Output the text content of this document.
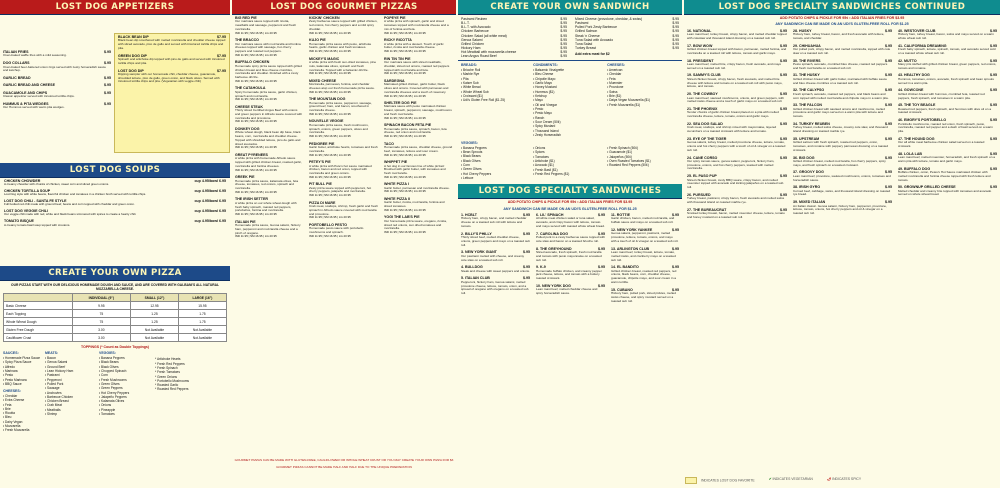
LOST DOG APPETIZERS
ITALIAN FRIES	$.95
Oven-baked waffle fries with a mild seasoning.
DOG COLLARS	$.95
Oven-baked beer-battered onion rings served with zesty horseradish sauce and ketchup.
GARLIC BREAD	$.95
GARLIC BREAD AND CHEESE	$.95
GUACAMOLE AND CHIPS	$.95
Classic appetizer served with tricolored tortilla chips.
HUMMUS & PITA WEDGES	$.95
Our Hummus served with warm pita wedges.
BLACK BEAN DIP	$7.95
Black bean dip smothered with melted mozzarella and cheddar cheese topped with sliced avocado, pico de gallo and served with tricolored tortilla chips and pita.
GREEN DOG DIP	$7.95
Spinach and artichoke dip topped with pico de gallo and served with tricolored tortilla chips and pita.
LOST DOG DIP	$7.95
Dipping sampler with our homemade chili, cheddar cheese, guacamole, shredded lettuce, pico de gallo, green onion, and black olives. Served with tricolored tortilla chips and pita. (Vegetarian with veggie chili)
LOST DOG SOUPS
CHICKEN CHOWDER	cup 4.95/bowl 6.95
A creamy chowder with chunks of chicken, sweet corn and sliced green onions.
CHICKEN TORTILLA SOUP	cup 4.95/bowl 6.95
Lost Dog style with white beans, flavorful chicken and tomatoes in a chicken broth served with tortilla chips.
LOST DOG CHILI - SANTA FE STYLE	cup 4.95/bowl 6.95
Full bodied red chili made with ground beef, beans and corn topped with cheddar and green onion.
LOST DOG VEGGIE CHILI	cup 4.95/bowl 6.95
Our veggie chili made with red, white and black beans simmered with spices to create a hearty chili.
TOMATO BISQUE	cup 4.95/bowl 6.95
A creamy tomato basil soup topped with croutons.
CREATE YOUR OWN PIZZA
OUR PIZZAS START WITH OUR DELICIOUS HOMEMADE DOUGH AND SAUCE, AND ARE COVERED WITH GALBANI'S ALL NATURAL MOZZARELLA CHEESE.
	INDIVIDUAL (9")	SMALL (12")	LARGE (16")
Basic Cheese	9.95	12.95	15.95
Each Topping	75	1.25	1.75
Whole Wheat Dough	75	1.25	1.75
Gluten Free Dough	3.00	Not Available	Not Available
Cauliflower Crust	3.00	Not Available	Not Available
TOPPINGS (* Count as Double Toppings)
SAUCES:
• Homemade Pizza Sauce
• Spicy Pizza Sauce
• Alfredo
• Marinara
• Pesto
• Pesto Marinara
• BBQ Sauce
CHEESES:
• Cheddar
• Extra Cheese
• Feta
• Brie
• Ricotta
• Bleu
• Dairy Vegan
• Mozzarella
• Fresh Mozzarella
MEATS:
• Bacon
• Genoa Salami
• Ground Beef
• Lean Hickory Ham
• Pastrami
• Pepperoni
• Pulled Pork
• Sausage
• Anchovies
• Barbecue Chicken
• Chicken Breast
• Crab Meat
• Meatballs
• Shrimp
VEGGIES:
• Banana Peppers
• Black Beans
• Black Olives
• Chopped Spinach
• Corn
• Fresh Mushrooms
• Green Olives
• Green Peppers
• Hot Cherry Peppers
• Jalapeño Peppers
• Kalamata Olives
• Onions
• Pineapple
• Tomatoes
* Artichoke Hearts
* Fresh Red Peppers
* Fresh Spinach
* Fresh Tomatoes
* Green Onions
* Portobello Mushrooms
* Roasted Garlic
* Roasted Red Peppers
LOST DOG GOURMET PIZZAS
BIG RED PIE
Our marinara sauce topped with ricotta, meatballs and sausage, pepperoni and fresh mozzarella.
IND 11.95 | SM 16.95 | LG 20.95
THE BRACCO
Our marinara sauce with mozzarella and fontina cheeses topped with sausage, hot cherry peppers and roasted red peppers.
IND 11.95 | SM 16.95 | LG 20.95
BUFFALO CHICKEN
Homemade spicy pizza sauce topped with grilled chicken breast and blue cheese crumbles, mozzarella and cheddar. Finished with a zesty barbecue drizzle.
IND 11.95 | SM 16.95 | LG 20.95
THE CATAHOULA
Spicy homemade pizza sauce, garlic chicken, spinach and mozzarella.
IND 11.95 | SM 16.95 | LG 20.95
CHEESE STEAK
Thinly sliced Certified Angus Beef with onions and green peppers in Alfredo sauce covered with mozzarella and provolone.
IND 11.95 | SM 16.95 | LG 20.95
DONKEY DOG
Whole wheat dough, black bean dip base, black beans, corn, mozzarella and cheddar cheese. Topped with shredded lettuce, pico de gallo and sliced avocados.
IND 11.95 | SM 16.95 | LG 20.95
GREAT PYRENEES
A white pizza with homemade Alfredo sauce topped with grilled chicken breast, roasted garlic, mozzarella and fontina cheeses.
IND 11.95 | SM 16.95 | LG 20.95
GREEK PIE
Homemade pizza sauce, kalamata olives, feta cheese, tomatoes, red onions, spinach and mozzarella.
IND 11.95 | SM 16.95 | LG 20.95
THE IRISH SETTER
A white pizza on our whole wheat dough with fresh baby spinach, roasted red peppers, portobellos, fontina and mozzarella.
IND 11.95 | SM 16.95 | LG 20.95
ITALIAN PIE
Homemade pizza sauce, Genoa salami, hickory ham, pepperoni and mozzarella cheese and a pinch of oregano.
IND 11.95 | SM 16.95 | LG 20.95
KICKIN' CHICKEN
Zesty barbecue sauce topped with grilled chicken, red onions, hot cherry peppers and a mild spicy cheddar.
IND 11.95 | SM 16.95 | LG 20.95
KUJO PIE
Homemade pizza sauce with pesto, artichoke hearts, garlic chicken and fresh tomatoes.
IND 11.95 | SM 16.95 | LG 20.95
MICKEY'S MAGIC
A white pizza with fresh sun-dried tomatoes, pine nuts, kalamata olives, spinach and fresh mozzarella. Topped with a balsamic drizzle.
IND 11.95 | SM 16.95 | LG 20.95
MIXED CHEESE
Mozzarella, parmesan, fontina, and cheddar cheeses atop our fresh homemade pizza sauce.
IND 11.95 | SM 16.95 | LG 20.95
THE MOUNTAIN DOG
Homemade pizza sauce, pepperoni, sausage, ground beef, ham, and bacon, smothered in mozzarella cheese.
IND 11.95 | SM 16.95 | LG 20.95
NOUVELLE VEGGIE
Homemade pizza sauce, fresh mushrooms, spinach, onions, green peppers, olives and mozzarella.
IND 11.95 | SM 16.95 | LG 20.95
PEDIGREE PIE
Garlic butter, artichoke hearts, tomatoes and fresh mozzarella.
IND 11.95 | SM 16.95 | LG 20.95
PETEY'S PIE
A white pizza with Pete's hot sauce marinated chicken, bacon and red onion, topped with mozzarella and green onions.
IND 11.95 | SM 16.95 | LG 20.95
PIT BULL PIE
Zesty pizza sauce topped with pepperoni, hot cherry peppers, jalapeño and mozzarella.
IND 11.95 | SM 16.95 | LG 20.95
PIZZA DI MARE
Crab meat, scallops, shrimp, fresh garlic and fresh spinach in Alfredo sauce covered with mozzarella and provolone.
IND 11.95 | SM 16.95 | LG 20.95
PORTOBELLO PESTO
Homemade pesto sauce with portobello mushrooms and spinach.
IND 11.95 | SM 16.95 | LG 20.95
POPEYE PIE
A white pizza with spinach, garlic and sliced tomatoes topped with mozzarella cheese and a mix of fontina and feta.
IND 11.95 | SM 16.95 | LG 20.95
RICKY RICOTTA
A white pizza with a dessert. Touch of garlic butter, ricotta and mozzarella cheese.
IND 11.95 | SM 16.95 | LG 20.95
RIN TIN TIN PIE
Our marinara sauce with sliced meatballs, cheddar, sliced red onions, roasted red peppers topped with mozzarella and feta.
IND 11.95 | SM 16.95 | LG 20.95
SARDEGNA
Marinated grilled chicken, garlic butter, black olives and onions. Covered with parmesan and mozzarella cheeses and a touch of rosemary.
IND 11.95 | SM 16.95 | LG 20.95
SHELTER DOG PIE
Marinara sauce with pesto marinated chicken breast, spinach, pepperoni, sausage, mushrooms and fresh mozzarella.
IND 11.95 | SM 16.95 | LG 20.95
SPINACH BACON FETA PIE
Homemade pizza sauce, spinach, bacon, feta cheese, red onion and mozzarella.
IND 11.95 | SM 16.95 | LG 20.95
TACO
Homemade pizza sauce, cheddar cheese, ground beef, tomatoes, lettuce and sour cream.
IND 11.95 | SM 16.95 | LG 20.95
WHIPPET PIE
A hot dog in our famous line of white pizzas! Brushed with garlic butter, with tomatoes and fresh mozzarella.
IND 11.95 | SM 16.95 | LG 20.95
WHITE PIZZA I
Garlic butter, parmesan and mozzarella cheese.
IND 11.95 | SM 16.95 | LG 20.95
WHITE PIZZA II
Garlic butter, ricotta, mozzarella, fontina and sliced tomatoes.
IND 11.95 | SM 16.95 | LG 20.95
YOGI THE LAB'S PIE
Our homemade pizza sauce, oregano, ricotta, sliced red onions, sun dried tomatoes and mozzarella.
IND 11.95 | SM 16.95 | LG 20.95
GOURMET PIZZAS CAN BE MADE WITH GLUTEN-FREE, CAULIFLOWER OR WHOLE WHEAT CRUST OR YOU MAY CREATE YOUR OWN PIZZA FOR $3
GOURMET PIZZAS CANNOT BE MADE HALF AND HALF DUE TO THE UNIQUE PREPARATION
CREATE YOUR OWN SANDWICH
Pastrami Reuben	$.95
B.L.T.	$.95
B.L.T. with Avocado	$.95
Chicken Barbecue	$.95
Chicken Salad (all white meat)	$.95
Genoa Salami	$.95
Grilled Chicken	$.95
Hickory Ham	$.95
Hot Meatball with mozzarella cheese	$.95
Lean Angus Roast Beef	$.95
Mixed Cheese (provolone, cheddar, & swiss)	$.95
Pastrami	$.95
Pulled Pork Zesty Barbecue	$.95
Grilled Salmon	$.95
Steak 'n Cheese	$.95
Tuna Salad with Avocado	$.95
Tuna Salad	$.95
Turkey Breast	$.95
Add extra meat for $2
BREADS:
• Brioche Roll
• Marble Rye
• Pita
• Kaiser Sub
• White Bread
• Whole Wheat Sub
• Croissant ($1)
• Udi's Gluten Free Roll ($1.25)
CONDIMENTS:
• Balsamic Vinaigrette
• Bleu Cheese
• Chipotle Mayo
• Garlic Mayo
• Honey Mustard
• Hummus ($1)
• Ketchup
• Mayo
• Oil and Vinegar
• Pesto
• Pesto Mayo
• Ranch
• Sour Cream (50¢)
• Spicy Mustard
• Thousand Island
• Zesty Horseradish
CHEESES:
• American
• Cheddar
• Feta
• Muenster
• Provolone
• Swiss
• Brie ($1)
• Daiya Vegan Mozzarella ($1)
• Fresh Mozzarella ($1)
VEGGIES:
• Banana Peppers
• Bean Sprouts
• Black Beans
• Black Olives
• Corn
• Green Olives
• Hot Cherry Peppers
• Lettuce
• Onions
• Spices
• Tomatoes
• Artichoke ($1)
• Avocado ($1)
• Fresh Basil ($1)
• Fresh Red Peppers ($1)
• Fresh Spinach (50¢)
• Guacamole ($1)
• Jalapeños (50¢)
• Oven Roasted Tomatoes ($1)
• Roasted Red Peppers (50¢)
LOST DOG SPECIALTY SANDWICHES
ADD POTATO CHIPS & PICKLE FOR 95¢ • ADD ITALIAN FRIES FOR $3.95
ANY SANDWICH CAN BE MADE ON AN UDI'S GLUTEN-FREE ROLL FOR $1.25
1. HCBLT	$.95
Hickory ham, crispy bacon, and melted cheddar cheese on a toasted sub roll with lettuce and tomato.
2. BILLY'S PHILLY	$.95
Thinly sliced beef, melted cheddar cheese, onions, green peppers and mayo on a toasted sub roll.
3. NEW YORK GIANT	$.95
Our pastrami melted with cheese, and creamy cole slaw on a toasted sub roll.
4. BULLDOG	$.95
Steak and cheese with sweet peppers and onions.
5. ITALIAN CLUB	$.95
Pepperoni, hickory ham, Genoa salami, melted provolone cheese, lettuce, tomato, onion, and a spread of oregano with oregano on a toasted sub roll.
6. LIL' SPINACH	$.95
All white meat chicken salad or tuna salad, avocado, and crispy bacon with lettuce, tomato and mayo served with toasted whole wheat bread.
7. CAROLINA DOG	$.95
Pulled pork in a zesty barbecue sauce topped with cole slaw and bacon on a toasted brioche roll.
8. THE GREYHOUND	$.95
Sliced avocado, fresh spinach, fresh mozzarella and tomato with pesto mayonnaise on a toasted sub roll.
9. K-9	$.95
Homemade buffalo chicken, and creamy pepper jack cheese, lettuce, and tomato with a buttery toasted croissant.
10. NEW YORK DOG	$.95
Lean roast beef, melted cheddar cheese and spicy horseradish sauce.
11. ROTTIE	$.95
Garlic chicken, bacon, melted mozzarella, and buffalo sauce and mayo on a toasted sub roll.
12. NEW YORK YANKEE	$.95
Genoa salami, pepperoni, pastrami, melted provolone, lettuce, tomato, onions, and mayo with a touch of oil & vinegar on a toasted sub roll.
13. ARLINGTON CLUB	$.95
Lean roast beef, turkey breast, lettuce, tomato, melted swiss, and cranberry mayo on a toasted sub roll.
14. EL BANDITO	$.95
Grilled chicken breast, roasted red peppers, red onions, black beans, corn, cheddar cheese, guacamole, chipotle mayo, and sour cream in a warm tortilla.
15. CUBANO	$.95
Hickory ham, pulled pork, sliced pickles, melted swiss cheese, and spicy mustard served on a toasted sub roll.
LOST DOG SPECIALTY SANDWICHES CONTINUED
ADD POTATO CHIPS & PICKLE FOR 95¢ • ADD ITALIAN FRIES FOR $3.95
ANY SANDWICH CAN BE MADE ON AN UDI'S GLUTEN-FREE ROLL FOR $1.25
16. NATIONAL	$.95
Lean roast beef, turkey breast, crispy bacon, and melted cheddar topped with coleslaw and thousand island dressing on a toasted sub roll.
17. BOW WOW	$.95
Grilled chicken breast topped with bacon, parmesan, melted fontina, and mozzarella on a toasted roll with lettuce, tomato and garlic mayo.
18. PRESIDENT	$.95
Lean roast beef, melted brie, crispy bacon, fresh avocado, and mayo served on a toasted sub roll.
19. SAMMY'S CLUB	$.95
Sliced chicken breast, crispy bacon, fresh avocado, and melted brie cheese with lettuce and tomato on a toasted sub roll with pesto mayo, lettuce, and tomato.
20. THE COWBOY	$.95
Lean roast beef, sautéed mushrooms, onions, and green peppers, with melted swiss cheese and a touch of garlic mayo on a toasted sub roll.
21. THE PHOENIX	$.95
Tender chunks of garlic chicken breast placed on a pita with melted mozzarella cheese, lettuce, tomato, onions and garlic mayo.
22. SEA DOG SALAD	$.95
Crab meat, scallops, and shrimp mixed with mayonnaise, layered cucumbers on a toasted croissant with lettuce and tomato.
23. EYE OF THE TIGER	$.95
Genoa salami, turkey breast, melted provolone cheese, lettuce, tomato, onions and hot cherry peppers with a touch of oil & vinegar on a toasted sub roll.
24. CANE CORSO	$.95
Our spicy tomato sauce, genoa salami, pepperoni, hickory ham, provolone, onions, and hot cherry peppers, toasted with melted mozzarella.
25. EL PASO PUP	$.95
Sliced chicken breast, zesty BBQ sauce, crispy bacon, and melted muenster topped with avocado and kicking jalapeños on a toasted sub roll.
26. PURSUED	$.95
Turkey breast, pastrami, crispy bacon, fresh avocado and melted swiss with thousand island on toasted marble rye.
27. THE BUREAUCRAT	$.95
Smoked turkey breast, bacon, melted muenster cheese, lettuce, tomato and honey mustard on a toasted sub roll.
28. HUSKY	$.95
Hickory ham, turkey breast, bacon, and fresh avocado with lettuce, tomato, and cheddar.
29. CHIHUAHUA	$.95
Our pulled pork, crispy bacon, and melted mozzarella, topped with cole slaw on a toasted sub roll.
30. THE RIVERS	$.95
Pesto spinach, avocado, crumbled bleu cheese, roasted red peppers and fresh mozzarella on a toasted sub roll.
31. THE HUSKY	$.95
Grilled chicken breast with garlic butter, marinated with buffalo sauce and bleu cheese crumbles on a toasted sub roll.
32. THE CALYPSO	$.95
Fresh spinach, avocado, roasted red peppers, and black beans and corn topped with melted mozzarella and chipotle mayo in a warm pita.
33. THE FALCON	$.95
Grilled chicken breast with sautéed onions and mushrooms, melted provolone and garlic mayo served on a warm pita with lettuce and tomato.
34. TURKEY REUBEN	$.95
Turkey breast, melted swiss cheese, creamy cole slaw, and thousand island dressing on toasted marble rye.
35. UPSTREAM	$.95
Grilled salmon with fresh spinach, roasted red peppers, onion, tomatoes, and romaine with peppery parmesan dressing on a toasted croissant.
36. BIG DOG	$.95
Grilled chicken breast, melted mozzarella, hot cherry peppers, spicy mayo, and fresh spinach on a toasted croissant.
37. GROOVY DOG	$.95
Lean roast beef, provolone, sautéed mushrooms, onions, tomatoes and horseradish sauce.
38. IRISH GYRO	$.95
Corned beef, cabbage, swiss, and thousand island dressing on toasted rye bread.
39. MIXED ITALIAN	$.95
An Italian classic. Genoa salami, hickory ham, pepperoni, provolone, lettuce, tomato, onions, hot cherry peppers and oil & vinegar on a toasted sub roll.
40. WESTOVER CLUB	$.95
Hickory ham, turkey breast, bacon, swiss and mayo served on a warm whole wheat sub roll.
41. CALIFORNIA DREAMING	$.95
Fresh baby spinach, lettuce, spinach, tomato, and avocado served cold on a toasted whole wheat sub roll.
42. MUTTO	$.95
Many pits stuffed with grilled chicken breast, green peppers, red onions, tomato and romaine.
43. HEALTHY DOG	$.95
Hummus, tomatoes, onions, avocado, fresh spinach and bean sprouts served in a warm pita.
44. GOWCONE	$.95
Grilled chicken breast with hummus, crumbled feta, roasted red peppers, fresh spinach, and tomatoes in a warm pita.
45. THE TOY BEAGLE	$.95
Roasted red peppers, fresh spinach, and hummus with olive oil on a toasted croissant.
46. EMORY'S PORTOBELLO	$.95
Portobello mushrooms, roasted red onion, fresh spinach, pesto, mozzarella, roasted red pepper and a dash of basil served on a warm pita.
47. THE HOUND DOG	$.95
Our all white meat barbecue chicken salad served on a toasted croissant.
48. LOLA LAB	$.95
Lean roast beef, melted muenster, horseradish, and fresh spinach on a warm pita with lettuce, tomato and garlic mayo.
49. BUFFALO DOG	$.95
Buffalo chicken, onion, Petes's Hot Sauce marinated chicken with melted mozzarella and fontina cheese topped with fresh lettuce and tomato.
50. GROWNUP GRILLED CHEESE	$.95
Melted cheddar and creamy brie topped with tomatoes and avocado served on whole wheat bread.
INDICATES LOST DOG FAVORITE	✔ INDICATES VEGETARIAN	🌶 INDICATES SPICY
